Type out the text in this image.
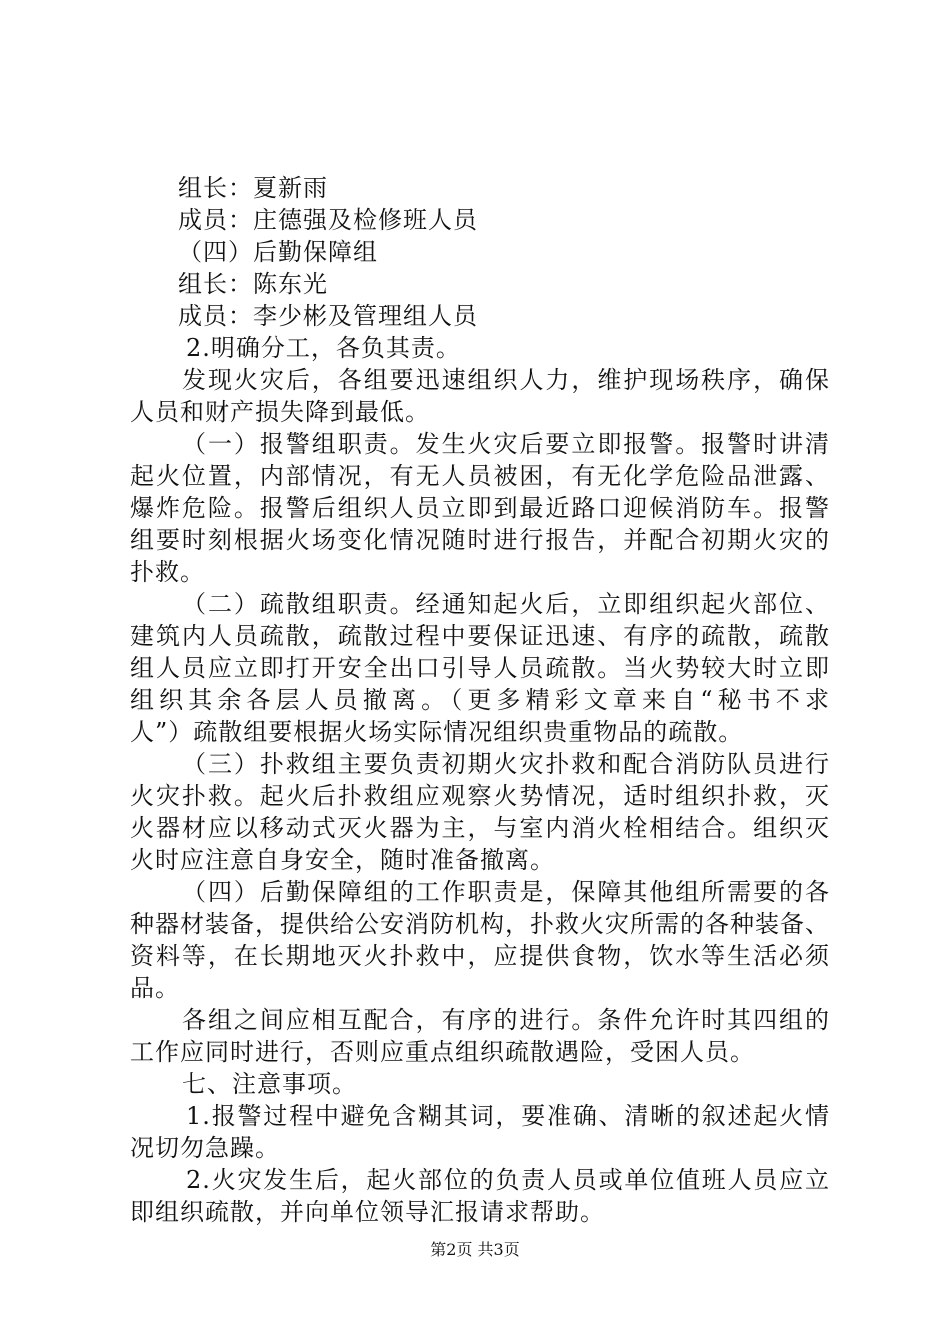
组长：夏新雨
成员：庄德强及检修班人员
（四）后勤保障组
组长：陈东光
成员：李少彬及管理组人员
2.明确分工，各负其责。
发现火灾后，各组要迅速组织人力，维护现场秩序，确保
人员和财产损失降到最低。
（一）报警组职责。发生火灾后要立即报警。报警时讲清
起火位置，内部情况，有无人员被困，有无化学危险品泄露、
爆炸危险。报警后组织人员立即到最近路口迎候消防车。报警
组要时刻根据火场变化情况随时进行报告，并配合初期火灾的
扑救。
（二）疏散组职责。经通知起火后，立即组织起火部位、
建筑内人员疏散，疏散过程中要保证迅速、有序的疏散，疏散
组人员应立即打开安全出口引导人员疏散。当火势较大时立即
组织其余各层人员撤离。（更多精彩文章来自“秘书不求
人”）疏散组要根据火场实际情况组织贵重物品的疏散。
（三）扑救组主要负责初期火灾扑救和配合消防队员进行
火灾扑救。起火后扑救组应观察火势情况，适时组织扑救，灭
火器材应以移动式灭火器为主，与室内消火栓相结合。组织灭
火时应注意自身安全，随时准备撤离。
（四）后勤保障组的工作职责是，保障其他组所需要的各
种器材装备，提供给公安消防机构，扑救火灾所需的各种装备、
资料等，在长期地灭火扑救中，应提供食物，饮水等生活必须
品。
各组之间应相互配合，有序的进行。条件允许时其四组的
工作应同时进行，否则应重点组织疏散遇险，受困人员。
七、注意事项。
1.报警过程中避免含糊其词，要准确、清晰的叙述起火情
况切勿急躁。
2.火灾发生后，起火部位的负责人员或单位值班人员应立
即组织疏散，并向单位领导汇报请求帮助。
第2页 共3页
